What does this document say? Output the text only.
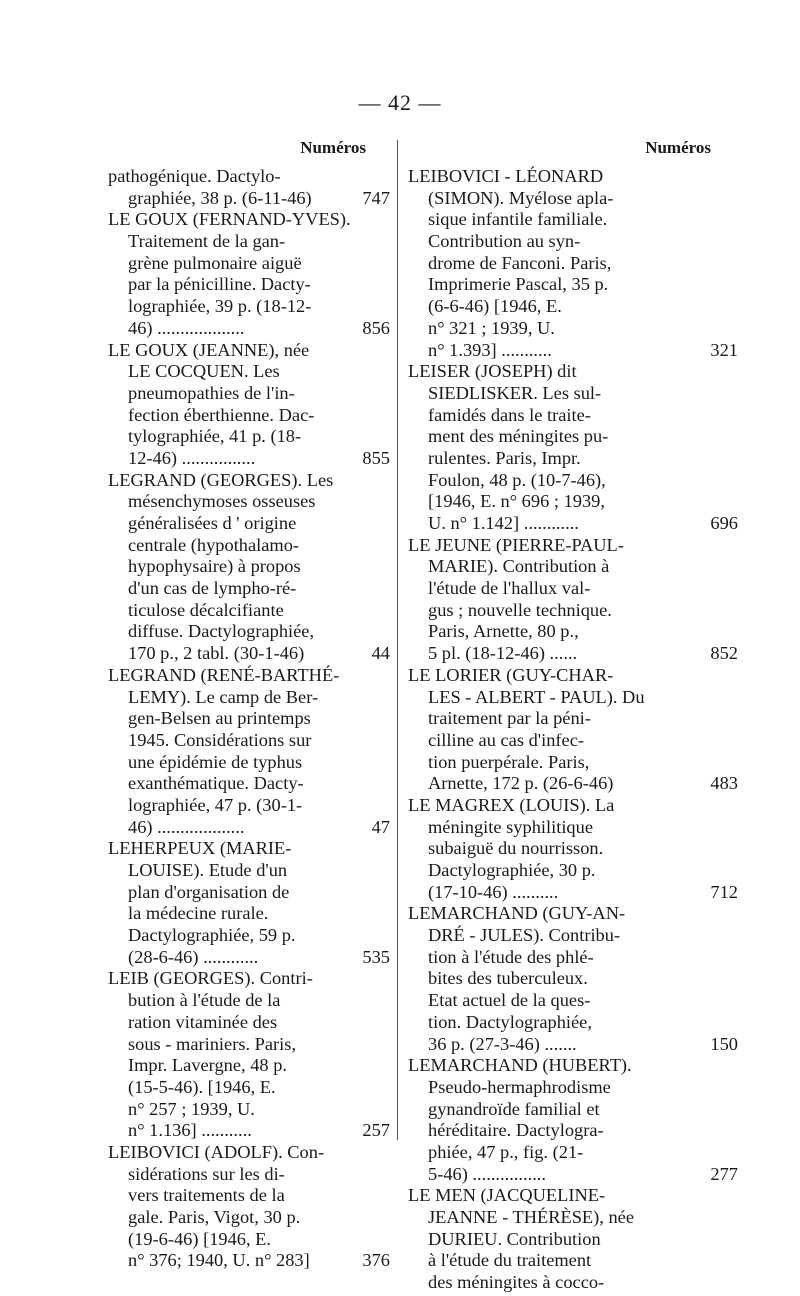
— 42 —
Numéros
pathogénique. Dactylo-
graphiée, 38 p. (6-11-46)	747
LE GOUX (FERNAND-YVES).
Traitement de la gan-
grène pulmonaire aiguë
par la pénicilline. Dacty-
lographiée, 39 p. (18-12-
46) ...................	856
LE GOUX (JEANNE), née
LE COCQUEN. Les
pneumopathies de l'in-
fection éberthienne. Dac-
tylographiée, 41 p. (18-
12-46) ................	855
LEGRAND (GEORGES). Les
mésenchymoses osseuses
généralisées d ' origine
centrale (hypothalamo-
hypophysaire) à propos
d'un cas de lympho-ré-
ticulose décalcifiante
diffuse. Dactylographiée,
170 p., 2 tabl. (30-1-46)	44
LEGRAND (RENÉ-BARTHÉ-
LEMY). Le camp de Ber-
gen-Belsen au printemps
1945. Considérations sur
une épidémie de typhus
exanthématique. Dacty-
lographiée, 47 p. (30-1-
46) ...................	47
LEHERPEUX (MARIE-
LOUISE). Etude d'un
plan d'organisation de
la médecine rurale.
Dactylographiée, 59 p.
(28-6-46) ............	535
LEIB (GEORGES). Contri-
bution à l'étude de la
ration vitaminée des
sous - mariniers. Paris,
Impr. Lavergne, 48 p.
(15-5-46). [1946, E.
n° 257 ; 1939, U.
n° 1.136] ...........	257
LEIBOVICI (ADOLF). Con-
sidérations sur les di-
vers traitements de la
gale. Paris, Vigot, 30 p.
(19-6-46) [1946, E.
n° 376; 1940, U. n° 283]	376
Numéros
LEIBOVICI - LÉONARD
(SIMON). Myélose apla-
sique infantile familiale.
Contribution au syn-
drome de Fanconi. Paris,
Imprimerie Pascal, 35 p.
(6-6-46) [1946, E.
n° 321 ; 1939, U.
n° 1.393] ...........	321
LEISER (JOSEPH) dit
SIEDLISKER. Les sul-
famidés dans le traite-
ment des méningites pu-
rulentes. Paris, Impr.
Foulon, 48 p. (10-7-46),
[1946, E. n° 696 ; 1939,
U. n° 1.142] ............	696
LE JEUNE (PIERRE-PAUL-
MARIE). Contribution à
l'étude de l'hallux val-
gus ; nouvelle technique.
Paris, Arnette, 80 p.,
5 pl. (18-12-46) ......	852
LE LORIER (GUY-CHAR-
LES - ALBERT - PAUL). Du
traitement par la péni-
cilline au cas d'infec-
tion puerpérale. Paris,
Arnette, 172 p. (26-6-46)	483
LE MAGREX (LOUIS). La
méningite syphilitique
subaiguë du nourrisson.
Dactylographiée, 30 p.
(17-10-46) ..........	712
LEMARCHAND (GUY-AN-
DRÉ - JULES). Contribu-
tion à l'étude des phlé-
bites des tuberculeux.
Etat actuel de la ques-
tion. Dactylographiée,
36 p. (27-3-46) .......	150
LEMARCHAND (HUBERT).
Pseudo-hermaphrodisme
gynandroïde familial et
héréditaire. Dactylogra-
phiée, 47 p., fig. (21-
5-46) ................	277
LE MEN (JACQUELINE-
JEANNE - THÉRÈSE), née
DURIEU. Contribution
à l'étude du traitement
des méningites à cocco-
